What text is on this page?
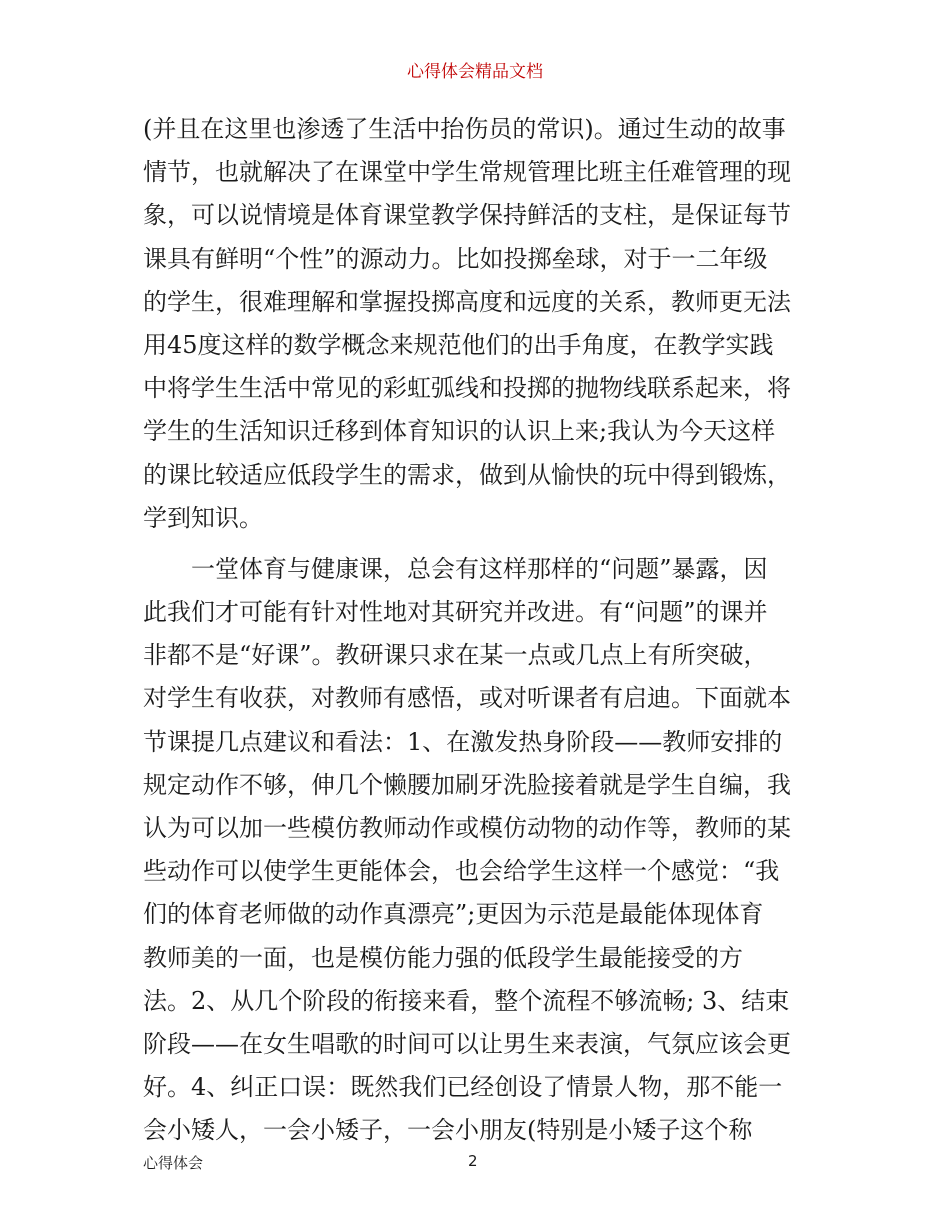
心得体会精品文档
(并且在这里也渗透了生活中抬伤员的常识)。通过生动的故事
情节，也就解决了在课堂中学生常规管理比班主任难管理的现
象，可以说情境是体育课堂教学保持鲜活的支柱，是保证每节
课具有鲜明“个性”的源动力。比如投掷垒球，对于一二年级
的学生，很难理解和掌握投掷高度和远度的关系，教师更无法
用45度这样的数学概念来规范他们的出手角度，在教学实践
中将学生生活中常见的彩虹弧线和投掷的抛物线联系起来，将
学生的生活知识迁移到体育知识的认识上来;我认为今天这样
的课比较适应低段学生的需求，做到从愉快的玩中得到锻炼，
学到知识。
　　一堂体育与健康课，总会有这样那样的“问题”暴露，因
此我们才可能有针对性地对其研究并改进。有“问题”的课并
非都不是“好课”。教研课只求在某一点或几点上有所突破，
对学生有收获，对教师有感悟，或对听课者有启迪。下面就本
节课提几点建议和看法：1、在激发热身阶段——教师安排的
规定动作不够，伸几个懒腰加刷牙洗脸接着就是学生自编，我
认为可以加一些模仿教师动作或模仿动物的动作等，教师的某
些动作可以使学生更能体会，也会给学生这样一个感觉：“我
们的体育老师做的动作真漂亮”;更因为示范是最能体现体育
教师美的一面，也是模仿能力强的低段学生最能接受的方
法。2、从几个阶段的衔接来看，整个流程不够流畅; 3、结束
阶段——在女生唱歌的时间可以让男生来表演，气氛应该会更
好。4、纠正口误：既然我们已经创设了情景人物，那不能一
会小矮人，一会小矮子，一会小朋友(特别是小矮子这个称
心得体会	2
